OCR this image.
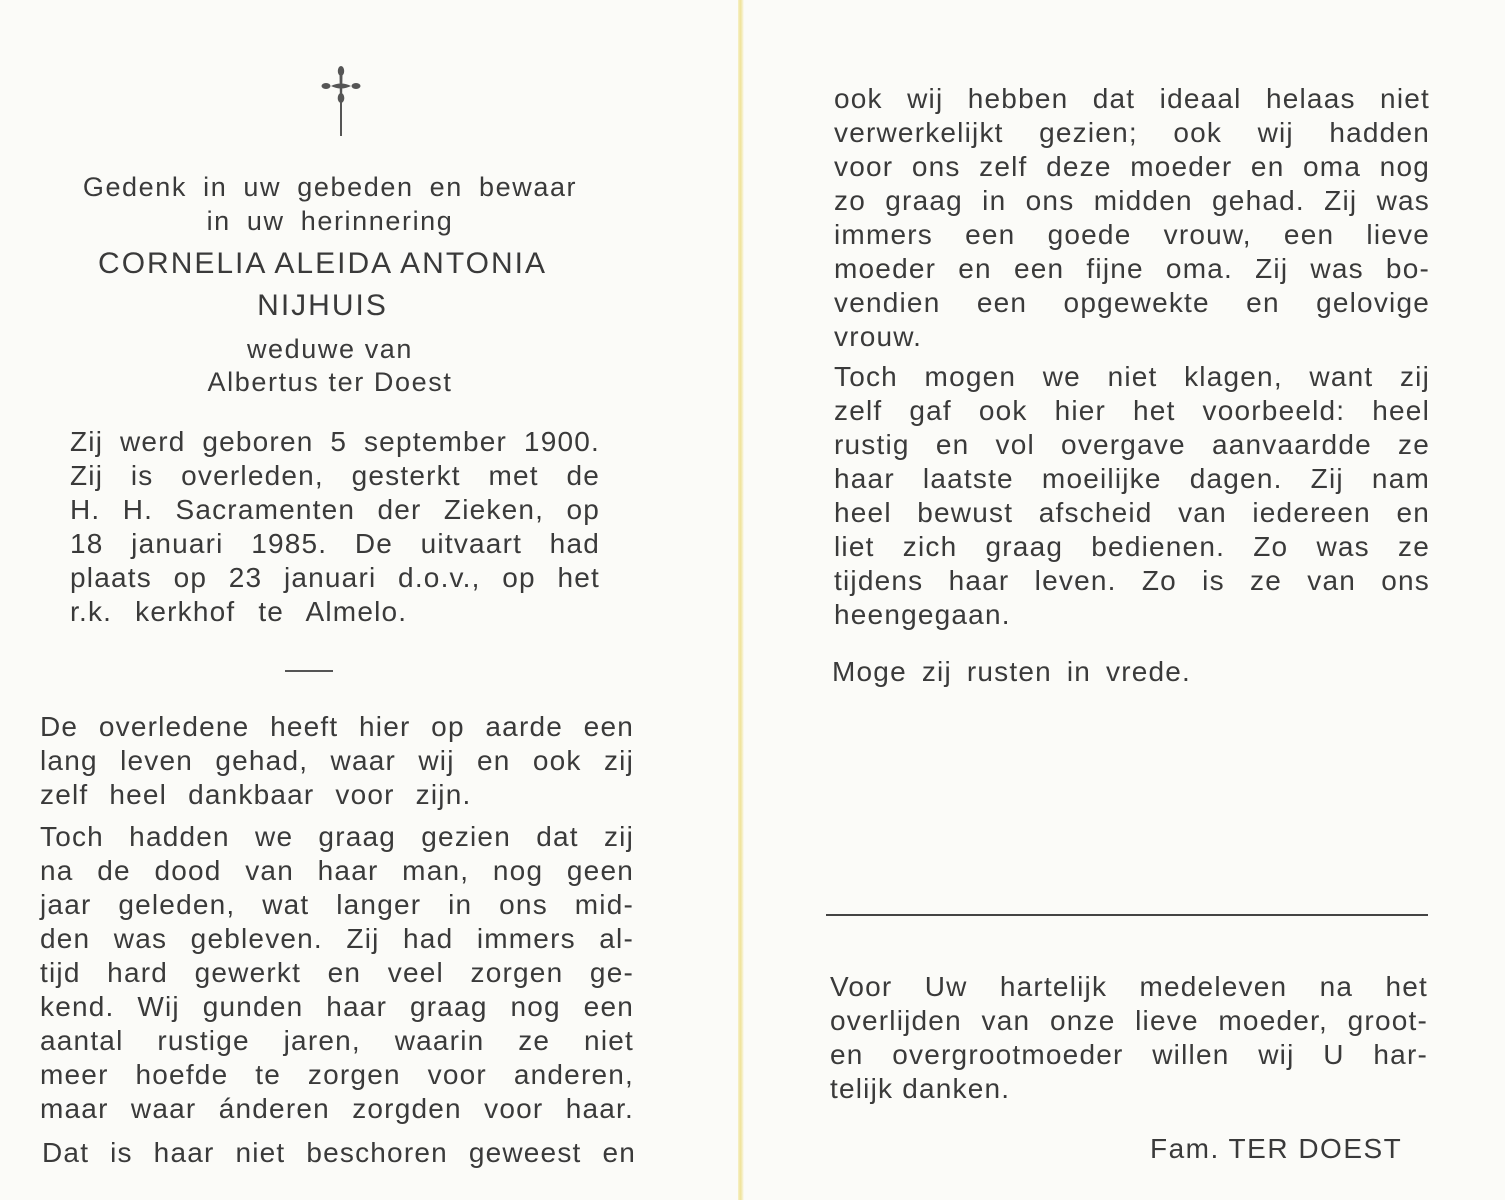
Gedenk in uw gebeden en bewaar
in uw herinnering
CORNELIA ALEIDA ANTONIA
NIJHUIS
weduwe van
Albertus ter Doest
Zij werd geboren 5 september 1900.
Zij is overleden, gesterkt met de
H. H. Sacramenten der Zieken, op
18 januari 1985. De uitvaart had
plaats op 23 januari d.o.v., op het
r.k. kerkhof te Almelo.
De overledene heeft hier op aarde een
lang leven gehad, waar wij en ook zij
zelf heel dankbaar voor zijn.
Toch hadden we graag gezien dat zij
na de dood van haar man, nog geen
jaar geleden, wat langer in ons mid-
den was gebleven. Zij had immers al-
tijd hard gewerkt en veel zorgen ge-
kend. Wij gunden haar graag nog een
aantal rustige jaren, waarin ze niet
meer hoefde te zorgen voor anderen,
maar waar ánderen zorgden voor haar.
Dat is haar niet beschoren geweest en
ook wij hebben dat ideaal helaas niet
verwerkelijkt gezien; ook wij hadden
voor ons zelf deze moeder en oma nog
zo graag in ons midden gehad. Zij was
immers een goede vrouw, een lieve
moeder en een fijne oma. Zij was bo-
vendien een opgewekte en gelovige
vrouw.
Toch mogen we niet klagen, want zij
zelf gaf ook hier het voorbeeld: heel
rustig en vol overgave aanvaardde ze
haar laatste moeilijke dagen. Zij nam
heel bewust afscheid van iedereen en
liet zich graag bedienen. Zo was ze
tijdens haar leven. Zo is ze van ons
heengegaan.
Moge zij rusten in vrede.
Voor Uw hartelijk medeleven na het
overlijden van onze lieve moeder, groot-
en overgrootmoeder willen wij U har-
telijk danken.
Fam. TER DOEST
